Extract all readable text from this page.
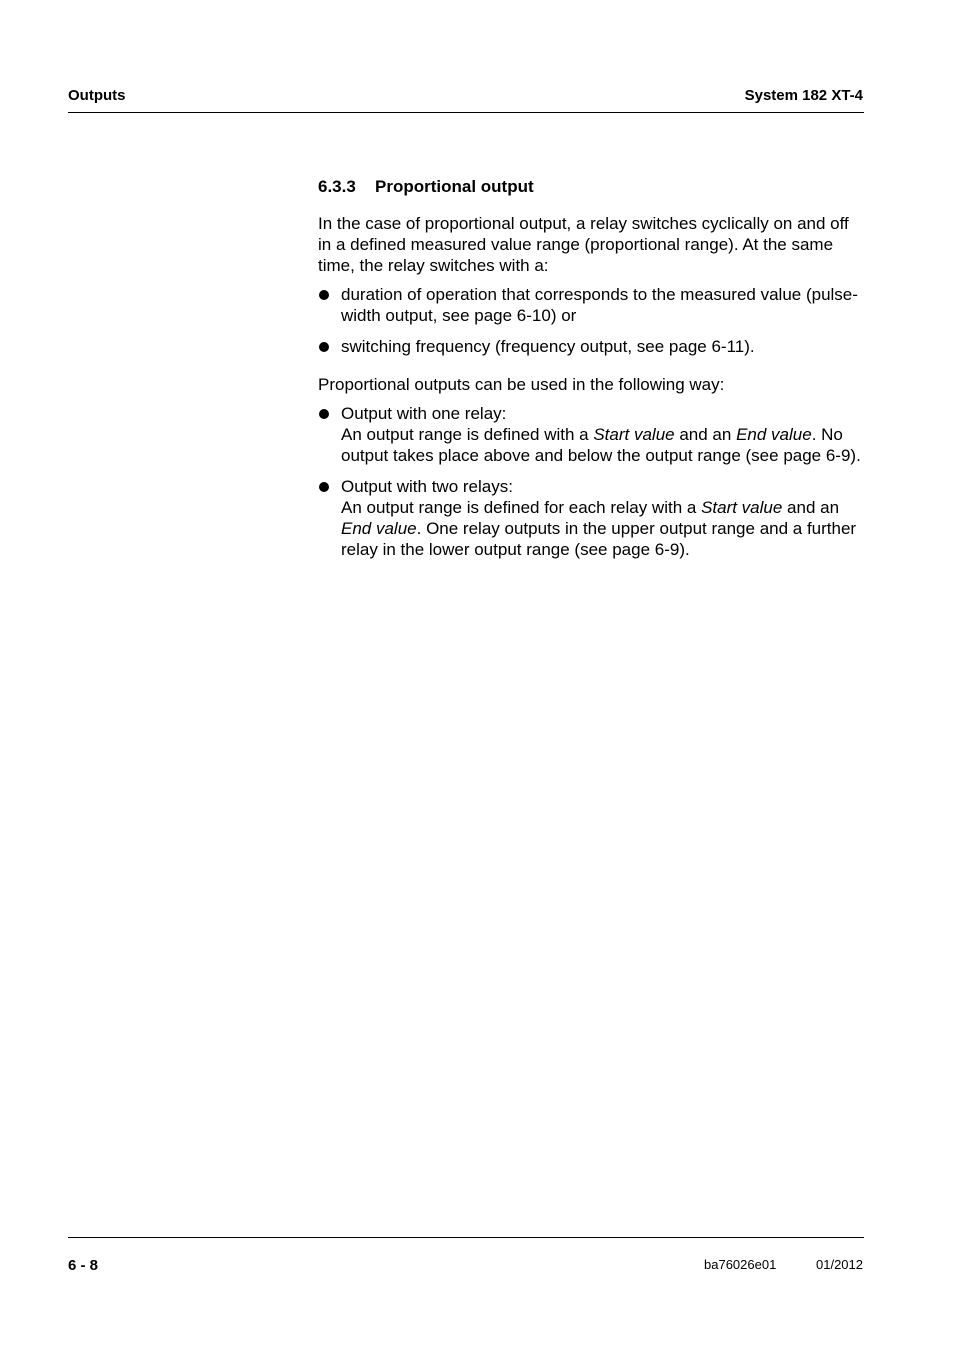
Outputs	System 182 XT-4
6.3.3 Proportional output

In the case of proportional output, a relay switches cyclically on and off in a defined measured value range (proportional range). At the same time, the relay switches with a:

duration of operation that corresponds to the measured value (pulse-width output, see page 6-10) or
switching frequency (frequency output, see page 6-11).

Proportional outputs can be used in the following way:

Output with one relay:
An output range is defined with a Start value and an End value. No output takes place above and below the output range (see page 6-9).
Output with two relays:
An output range is defined for each relay with a Start value and an End value. One relay outputs in the upper output range and a further relay in the lower output range (see page 6-9).
6 - 8	ba76026e01	01/2012
